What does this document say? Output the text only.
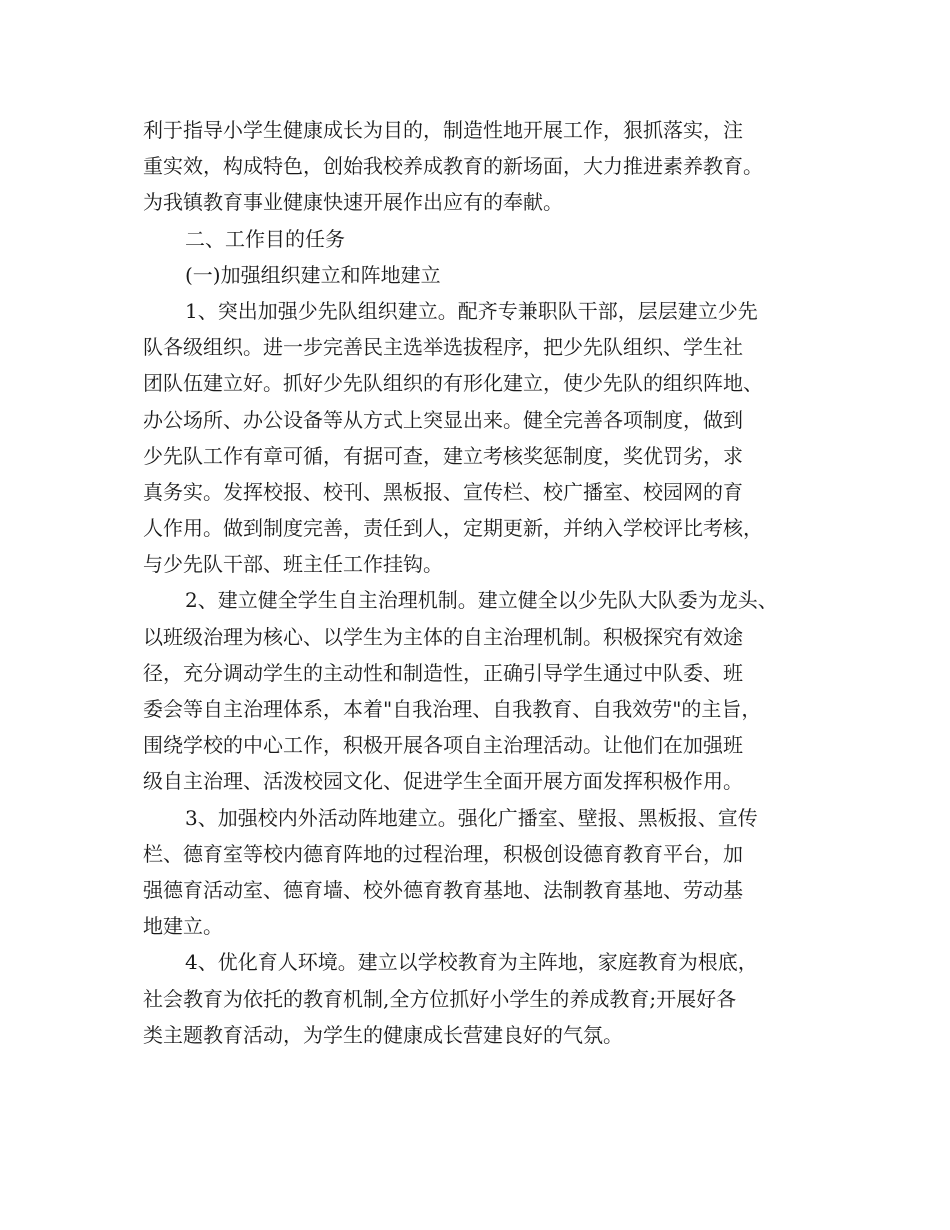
利于指导小学生健康成长为目的，制造性地开展工作，狠抓落实，注
重实效，构成特色，创始我校养成教育的新场面，大力推进素养教育。
为我镇教育事业健康快速开展作出应有的奉献。
二、工作目的任务
(一)加强组织建立和阵地建立
1、突出加强少先队组织建立。配齐专兼职队干部，层层建立少先
队各级组织。进一步完善民主选举选拔程序，把少先队组织、学生社
团队伍建立好。抓好少先队组织的有形化建立，使少先队的组织阵地、
办公场所、办公设备等从方式上突显出来。健全完善各项制度，做到
少先队工作有章可循，有据可查，建立考核奖惩制度，奖优罚劣，求
真务实。发挥校报、校刊、黑板报、宣传栏、校广播室、校园网的育
人作用。做到制度完善，责任到人，定期更新，并纳入学校评比考核，
与少先队干部、班主任工作挂钩。
2、建立健全学生自主治理机制。建立健全以少先队大队委为龙头、
以班级治理为核心、以学生为主体的自主治理机制。积极探究有效途
径，充分调动学生的主动性和制造性，正确引导学生通过中队委、班
委会等自主治理体系，本着"自我治理、自我教育、自我效劳"的主旨，
围绕学校的中心工作，积极开展各项自主治理活动。让他们在加强班
级自主治理、活泼校园文化、促进学生全面开展方面发挥积极作用。
3、加强校内外活动阵地建立。强化广播室、壁报、黑板报、宣传
栏、德育室等校内德育阵地的过程治理，积极创设德育教育平台，加
强德育活动室、德育墙、校外德育教育基地、法制教育基地、劳动基
地建立。
4、优化育人环境。建立以学校教育为主阵地，家庭教育为根底，
社会教育为依托的教育机制,全方位抓好小学生的养成教育;开展好各
类主题教育活动，为学生的健康成长营建良好的气氛。
